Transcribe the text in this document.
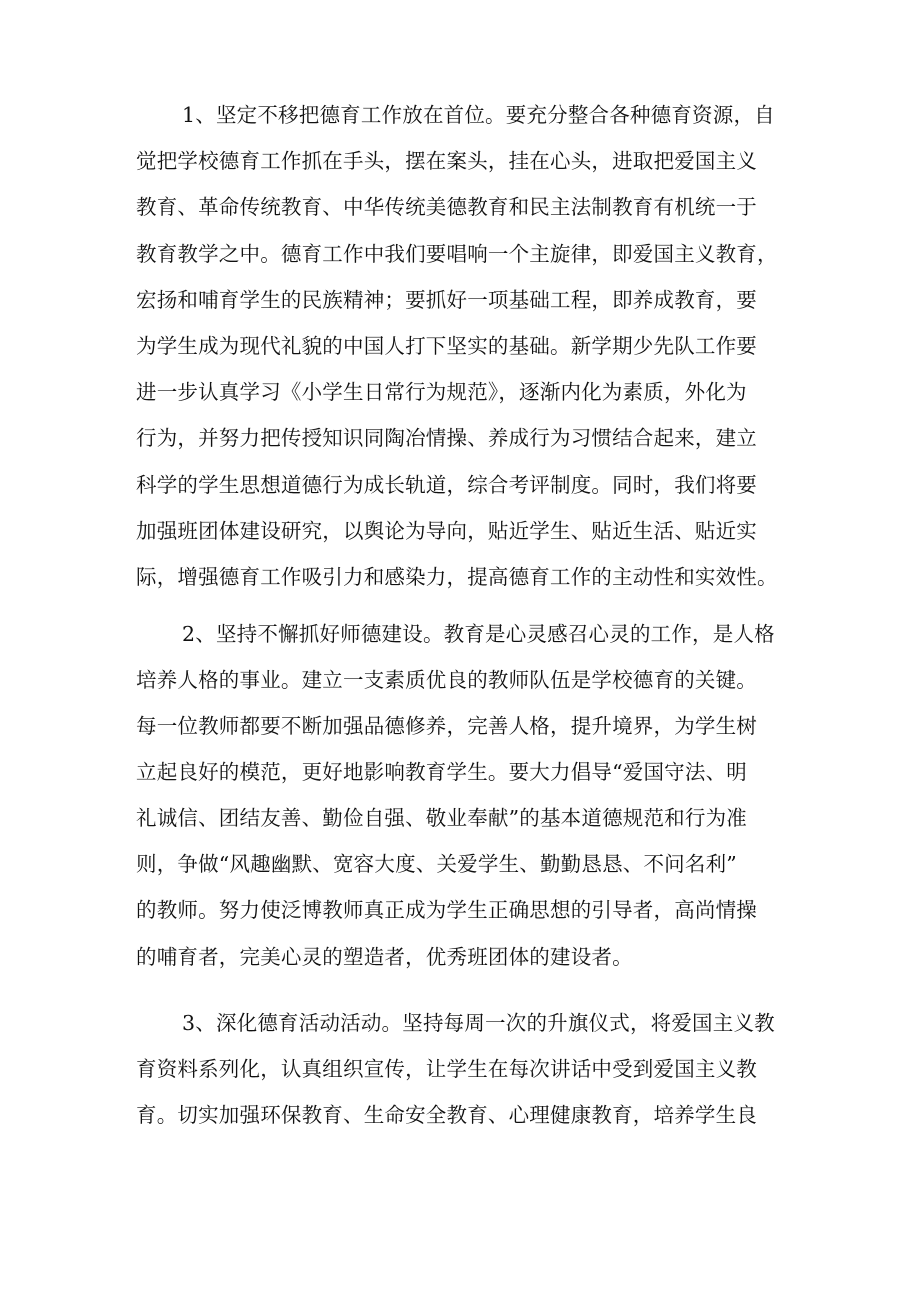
1、坚定不移把德育工作放在首位。要充分整合各种德育资源，自
觉把学校德育工作抓在手头，摆在案头，挂在心头，进取把爱国主义
教育、革命传统教育、中华传统美德教育和民主法制教育有机统一于
教育教学之中。德育工作中我们要唱响一个主旋律，即爱国主义教育，
宏扬和哺育学生的民族精神；要抓好一项基础工程，即养成教育，要
为学生成为现代礼貌的中国人打下坚实的基础。新学期少先队工作要
进一步认真学习《小学生日常行为规范》，逐渐内化为素质，外化为
行为，并努力把传授知识同陶冶情操、养成行为习惯结合起来，建立
科学的学生思想道德行为成长轨道，综合考评制度。同时，我们将要
加强班团体建设研究，以舆论为导向，贴近学生、贴近生活、贴近实
际，增强德育工作吸引力和感染力，提高德育工作的主动性和实效性。
2、坚持不懈抓好师德建设。教育是心灵感召心灵的工作，是人格
培养人格的事业。建立一支素质优良的教师队伍是学校德育的关键。
每一位教师都要不断加强品德修养，完善人格，提升境界，为学生树
立起良好的模范，更好地影响教育学生。要大力倡导“爱国守法、明
礼诚信、团结友善、勤俭自强、敬业奉献”的基本道德规范和行为准
则，争做“风趣幽默、宽容大度、关爱学生、勤勤恳恳、不问名利”
的教师。努力使泛博教师真正成为学生正确思想的引导者，高尚情操
的哺育者，完美心灵的塑造者，优秀班团体的建设者。
3、深化德育活动活动。坚持每周一次的升旗仪式，将爱国主义教
育资料系列化，认真组织宣传，让学生在每次讲话中受到爱国主义教
育。切实加强环保教育、生命安全教育、心理健康教育，培养学生良
